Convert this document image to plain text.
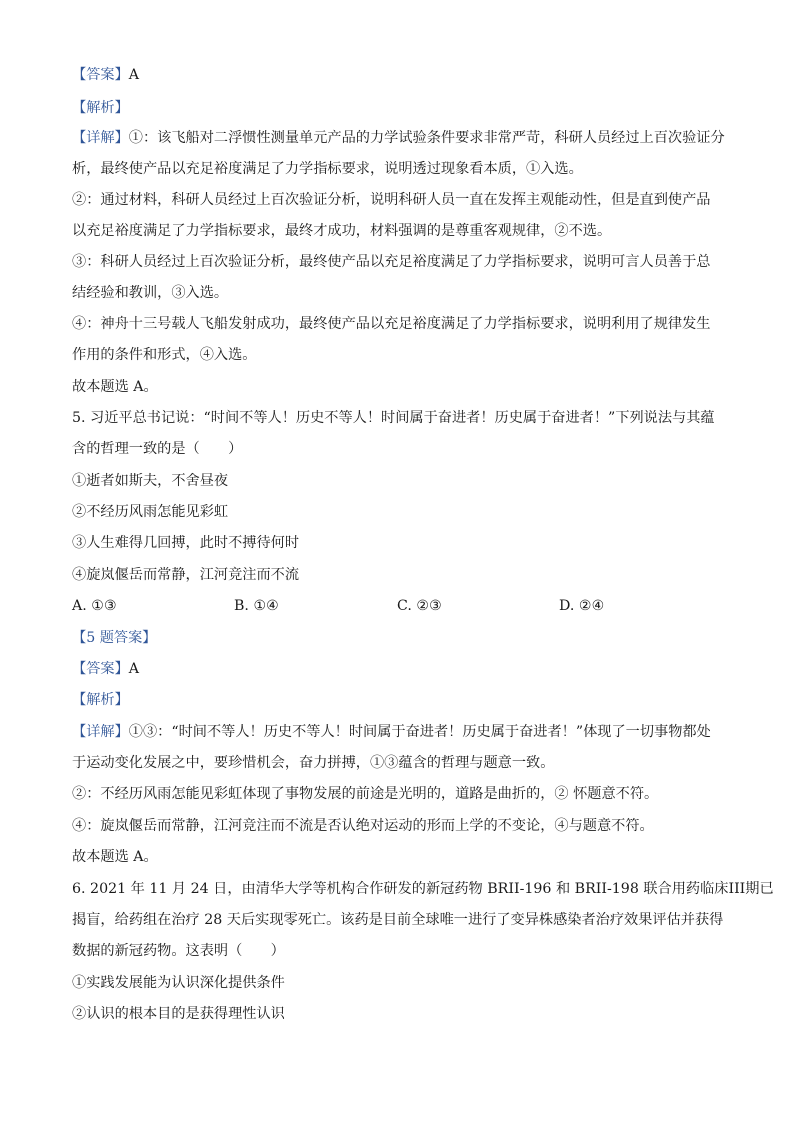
【答案】A
【解析】
【详解】①：该飞船对二浮惯性测量单元产品的力学试验条件要求非常严苛，科研人员经过上百次验证分
析，最终使产品以充足裕度满足了力学指标要求，说明透过现象看本质，①入选。
②：通过材料，科研人员经过上百次验证分析，说明科研人员一直在发挥主观能动性，但是直到使产品
以充足裕度满足了力学指标要求，最终才成功，材料强调的是尊重客观规律，②不选。
③：科研人员经过上百次验证分析，最终使产品以充足裕度满足了力学指标要求，说明可言人员善于总
结经验和教训，③入选。
④：神舟十三号载人飞船发射成功，最终使产品以充足裕度满足了力学指标要求，说明利用了规律发生
作用的条件和形式，④入选。
故本题选 A。
5. 习近平总书记说：“时间不等人！历史不等人！时间属于奋进者！历史属于奋进者！”下列说法与其蕴
含的哲理一致的是（　　）
①逝者如斯夫，不舍昼夜
②不经历风雨怎能见彩虹
③人生难得几回搏，此时不搏待何时
④旋岚偃岳而常静，江河竞注而不流
A. ①③	B. ①④	C. ②③	D. ②④
【5 题答案】
【答案】A
【解析】
【详解】①③：“时间不等人！历史不等人！时间属于奋进者！历史属于奋进者！”体现了一切事物都处
于运动变化发展之中，要珍惜机会，奋力拼搏，①③蕴含的哲理与题意一致。
②：不经历风雨怎能见彩虹体现了事物发展的前途是光明的，道路是曲折的，② 怀题意不符。
④：旋岚偃岳而常静，江河竞注而不流是否认绝对运动的形而上学的不变论，④与题意不符。
故本题选 A。
6. 2021 年 11 月 24 日，由清华大学等机构合作研发的新冠药物 BRII-196 和 BRII-198 联合用药临床III期已
揭盲，给药组在治疗 28 天后实现零死亡。该药是目前全球唯一进行了变异株感染者治疗效果评估并获得
数据的新冠药物。这表明（　　）
①实践发展能为认识深化提供条件
②认识的根本目的是获得理性认识
